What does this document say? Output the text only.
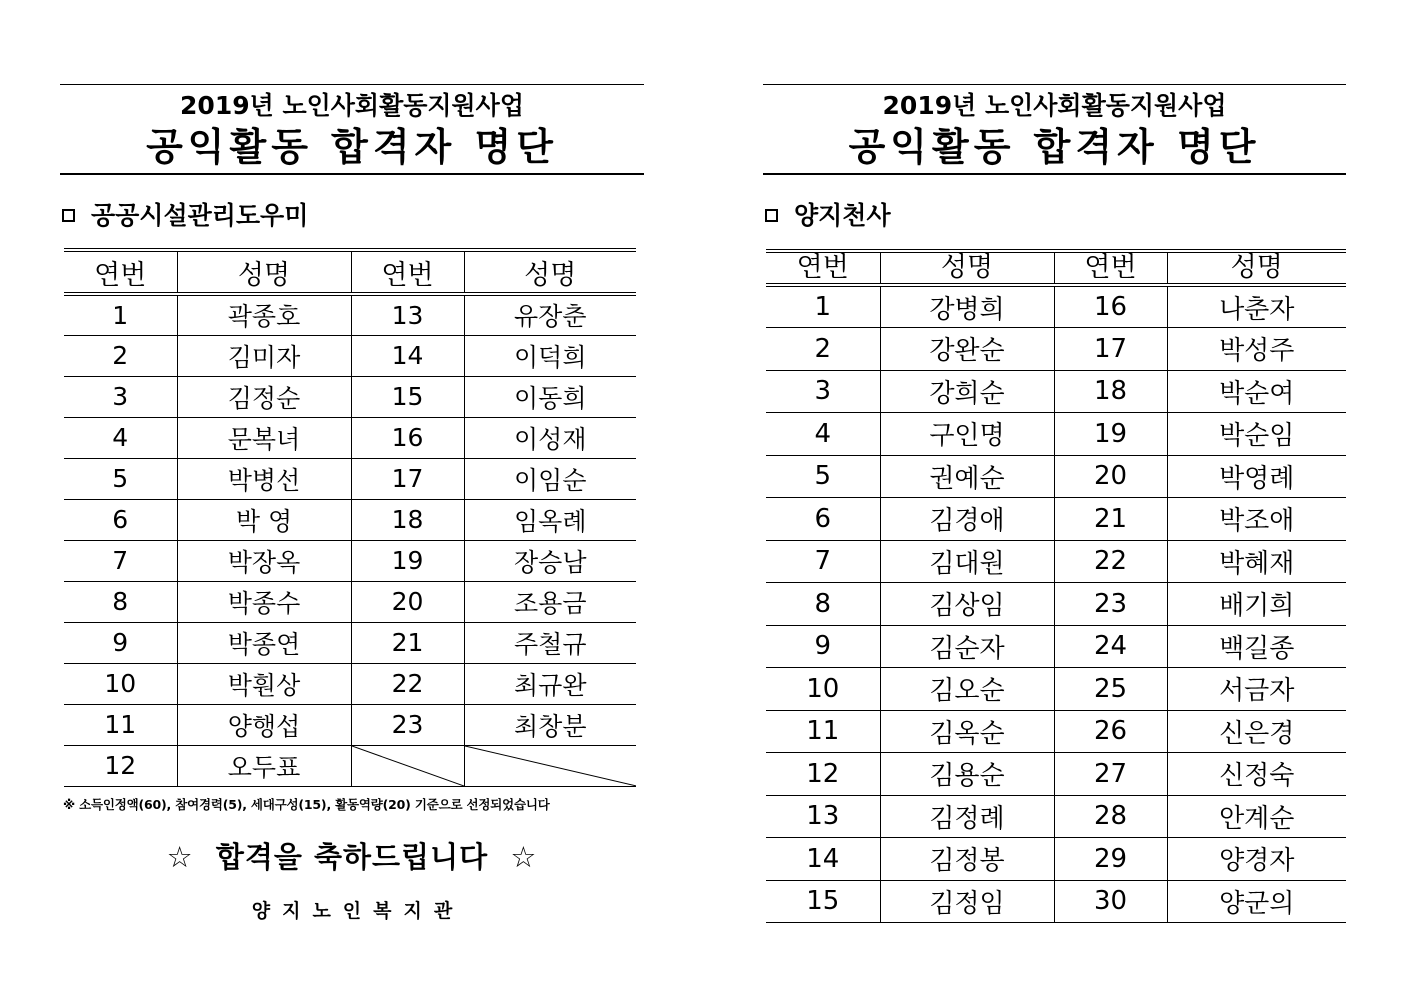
2019년 노인사회활동지원사업
공익활동 합격자 명단
공공시설관리도우미
연번	성명	연번	성명
1	곽종호	13	유장춘
2	김미자	14	이덕희
3	김정순	15	이동희
4	문복녀	16	이성재
5	박병선	17	이임순
6	박 영	18	임옥례
7	박장옥	19	장승남
8	박종수	20	조용금
9	박종연	21	주철규
10	박훤상	22	최규완
11	양행섭	23	최창분
12	오두표	

※ 소득인정액(60), 참여경력(5), 세대구성(15), 활동역량(20) 기준으로 선정되었습니다
☆ 합격을 축하드립니다 ☆
양지노인복지관
2019년 노인사회활동지원사업
공익활동 합격자 명단
양지천사
연번	성명	연번	성명
1	강병희	16	나춘자
2	강완순	17	박성주
3	강희순	18	박순여
4	구인명	19	박순임
5	권예순	20	박영례
6	김경애	21	박조애
7	김대원	22	박혜재
8	김상임	23	배기희
9	김순자	24	백길종
10	김오순	25	서금자
11	김옥순	26	신은경
12	김용순	27	신정숙
13	김정례	28	안계순
14	김정봉	29	양경자
15	김정임	30	양군의
